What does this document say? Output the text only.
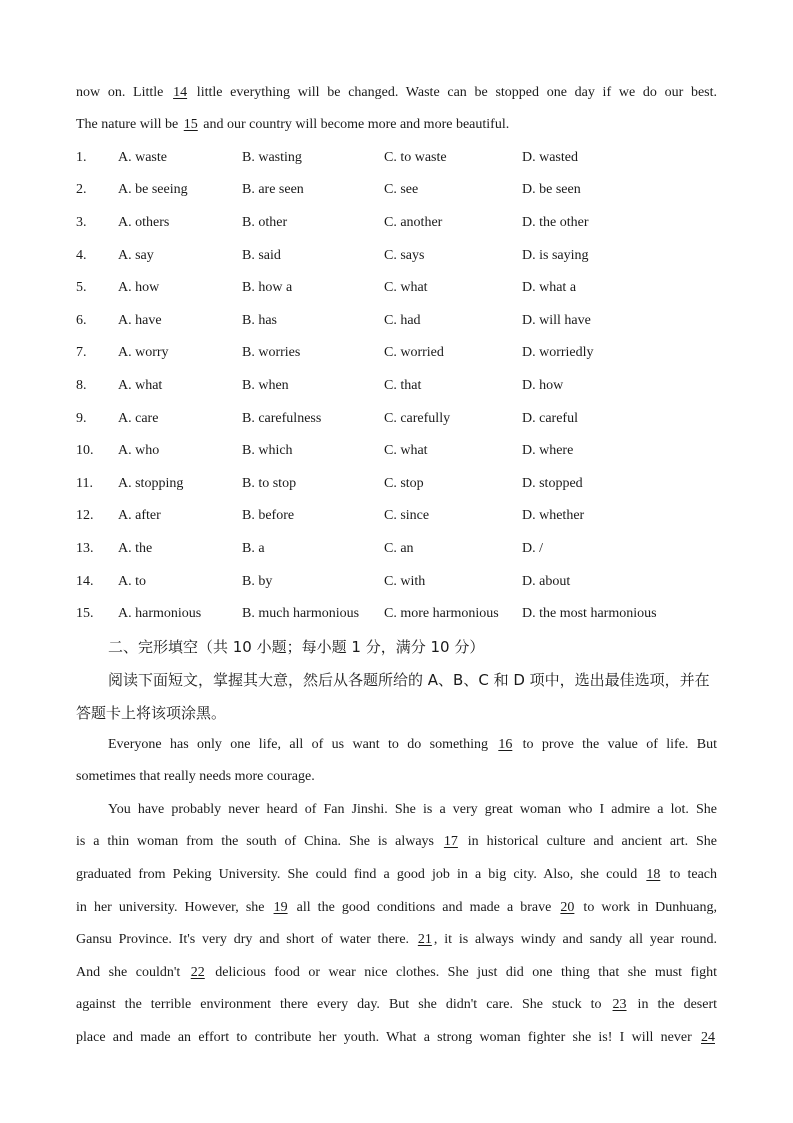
now on. Little 14 little everything will be changed. Waste can be stopped one day if we do our best.
The nature will be 15 and our country will become more and more beautiful.
1. A. waste	B. wasting	C. to waste	D. wasted
2. A. be seeing	B. are seen	C. see	D. be seen
3. A. others	B. other	C. another	D. the other
4. A. say	B. said	C. says	D. is saying
5. A. how	B. how a	C. what	D. what a
6. A. have	B. has	C. had	D. will have
7. A. worry	B. worries	C. worried	D. worriedly
8. A. what	B. when	C. that	D. how
9. A. care	B. carefulness	C. carefully	D. careful
10. A. who	B. which	C. what	D. where
11. A. stopping	B. to stop	C. stop	D. stopped
12. A. after	B. before	C. since	D. whether
13. A. the	B. a	C. an	D. /
14. A. to	B. by	C. with	D. about
15. A. harmonious	B. much harmonious C. more harmonious D. the most harmonious
二、完形填空（共 10 小题；每小题 1 分，满分 10 分）
阅读下面短文，掌握其大意，然后从各题所给的 A、B、C 和 D 项中，选出最佳选项，并在
答题卡上将该项涂黑。
Everyone has only one life, all of us want to do something 16 to prove the value of life. But
sometimes that really needs more courage.
You have probably never heard of Fan Jinshi. She is a very great woman who I admire a lot. She
is a thin woman from the south of China. She is always 17 in historical culture and ancient art. She
graduated from Peking University. She could find a good job in a big city. Also, she could 18 to teach
in her university. However, she 19 all the good conditions and made a brave 20 to work in Dunhuang,
Gansu Province. It's very dry and short of water there. 21 , it is always windy and sandy all year round.
And she couldn't 22 delicious food or wear nice clothes. She just did one thing that she must fight
against the terrible environment there every day. But she didn't care. She stuck to 23 in the desert
place and made an effort to contribute her youth. What a strong woman fighter she is! I will never 24
